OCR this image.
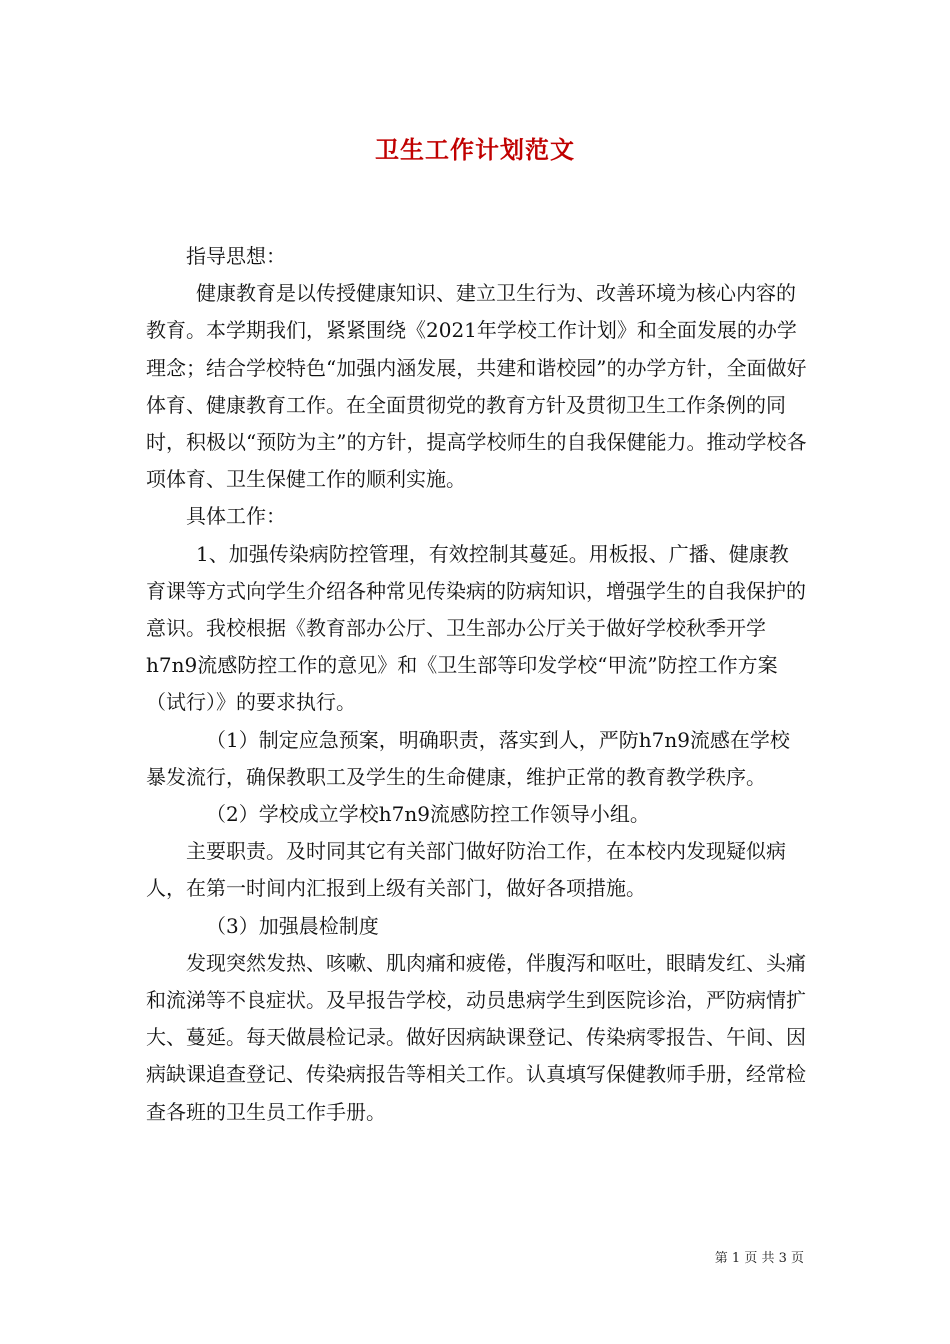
卫生工作计划范文

指导思想：

健康教育是以传授健康知识、建立卫生行为、改善环境为核心内容的教育。本学期我们，紧紧围绕《2021年学校工作计划》和全面发展的办学理念；结合学校特色“加强内涵发展，共建和谐校园”的办学方针，全面做好体育、健康教育工作。在全面贯彻党的教育方针及贯彻卫生工作条例的同时，积极以“预防为主”的方针，提高学校师生的自我保健能力。推动学校各项体育、卫生保健工作的顺利实施。

具体工作：

1、加强传染病防控管理，有效控制其蔓延。用板报、广播、健康教育课等方式向学生介绍各种常见传染病的防病知识，增强学生的自我保护的意识。我校根据《教育部办公厅、卫生部办公厅关于做好学校秋季开学h7n9流感防控工作的意见》和《卫生部等印发学校“甲流”防控工作方案（试行）》的要求执行。

（1）制定应急预案，明确职责，落实到人，严防h7n9流感在学校暴发流行，确保教职工及学生的生命健康，维护正常的教育教学秩序。

（2）学校成立学校h7n9流感防控工作领导小组。

主要职责。及时同其它有关部门做好防治工作，在本校内发现疑似病人，在第一时间内汇报到上级有关部门，做好各项措施。

（3）加强晨检制度

发现突然发热、咳嗽、肌肉痛和疲倦，伴腹泻和呕吐，眼睛发红、头痛和流涕等不良症状。及早报告学校，动员患病学生到医院诊治，严防病情扩大、蔓延。每天做晨检记录。做好因病缺课登记、传染病零报告、午间、因病缺课追查登记、传染病报告等相关工作。认真填写保健教师手册，经常检查各班的卫生员工作手册。

第 1 页 共 3 页
